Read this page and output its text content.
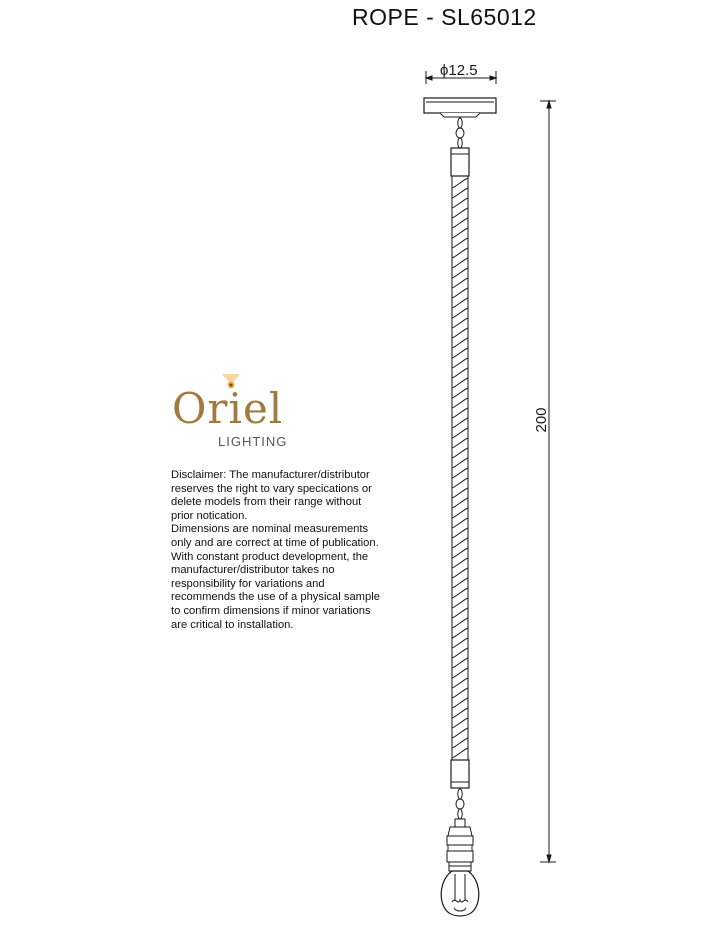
ROPE - SL65012
Oriel
LIGHTING

Disclaimer: The manufacturer/distributor reserves the right to vary specications or delete models from their range without prior notication.

Dimensions are nominal measurements only and are correct at time of publication.

With constant product development, the manufacturer/distributor takes no responsibility for variations and recommends the use of a physical sample to confirm dimensions if minor variations are critical to installation.

ϕ12.5
200
